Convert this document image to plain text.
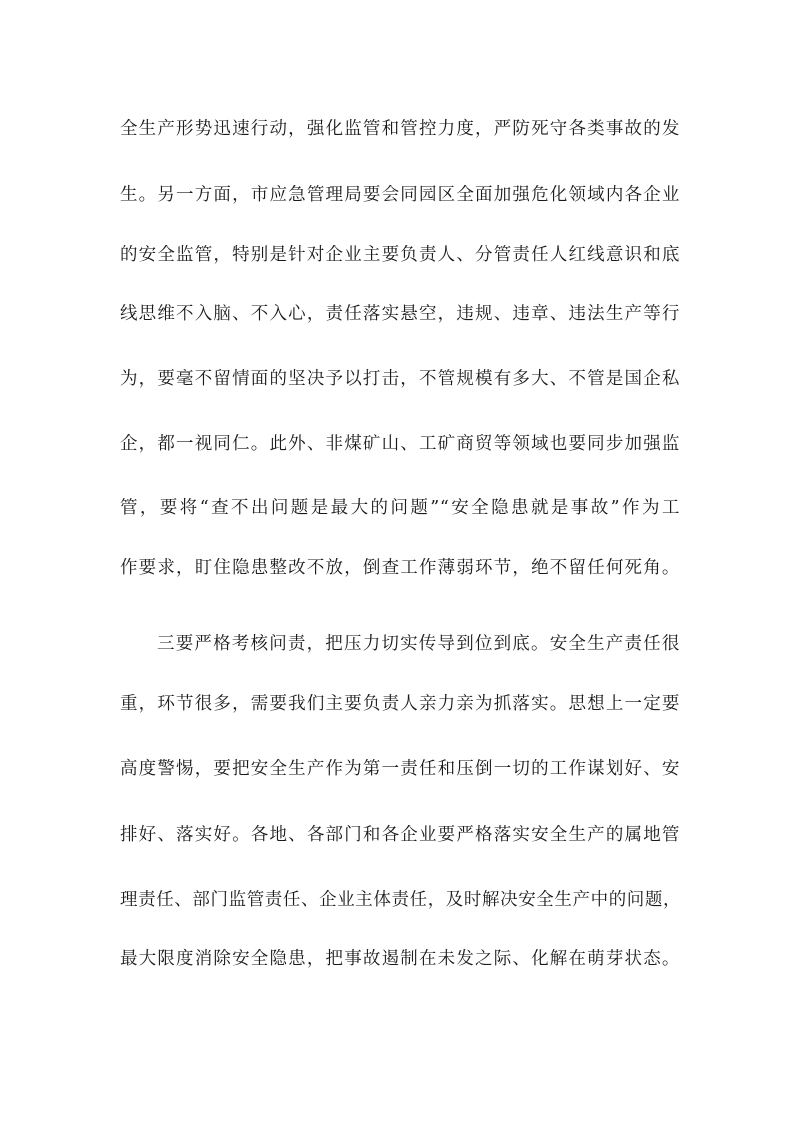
全生产形势迅速行动，强化监管和管控力度，严防死守各类事故的发
生。另一方面，市应急管理局要会同园区全面加强危化领域内各企业
的安全监管，特别是针对企业主要负责人、分管责任人红线意识和底
线思维不入脑、不入心，责任落实悬空，违规、违章、违法生产等行
为，要毫不留情面的坚决予以打击，不管规模有多大、不管是国企私
企，都一视同仁。此外、非煤矿山、工矿商贸等领域也要同步加强监
管，要将“查不出问题是最大的问题”“安全隐患就是事故”作为工
作要求，盯住隐患整改不放，倒查工作薄弱环节，绝不留任何死角。
三要严格考核问责，把压力切实传导到位到底。安全生产责任很
重，环节很多，需要我们主要负责人亲力亲为抓落实。思想上一定要
高度警惕，要把安全生产作为第一责任和压倒一切的工作谋划好、安
排好、落实好。各地、各部门和各企业要严格落实安全生产的属地管
理责任、部门监管责任、企业主体责任，及时解决安全生产中的问题，
最大限度消除安全隐患，把事故遏制在未发之际、化解在萌芽状态。
